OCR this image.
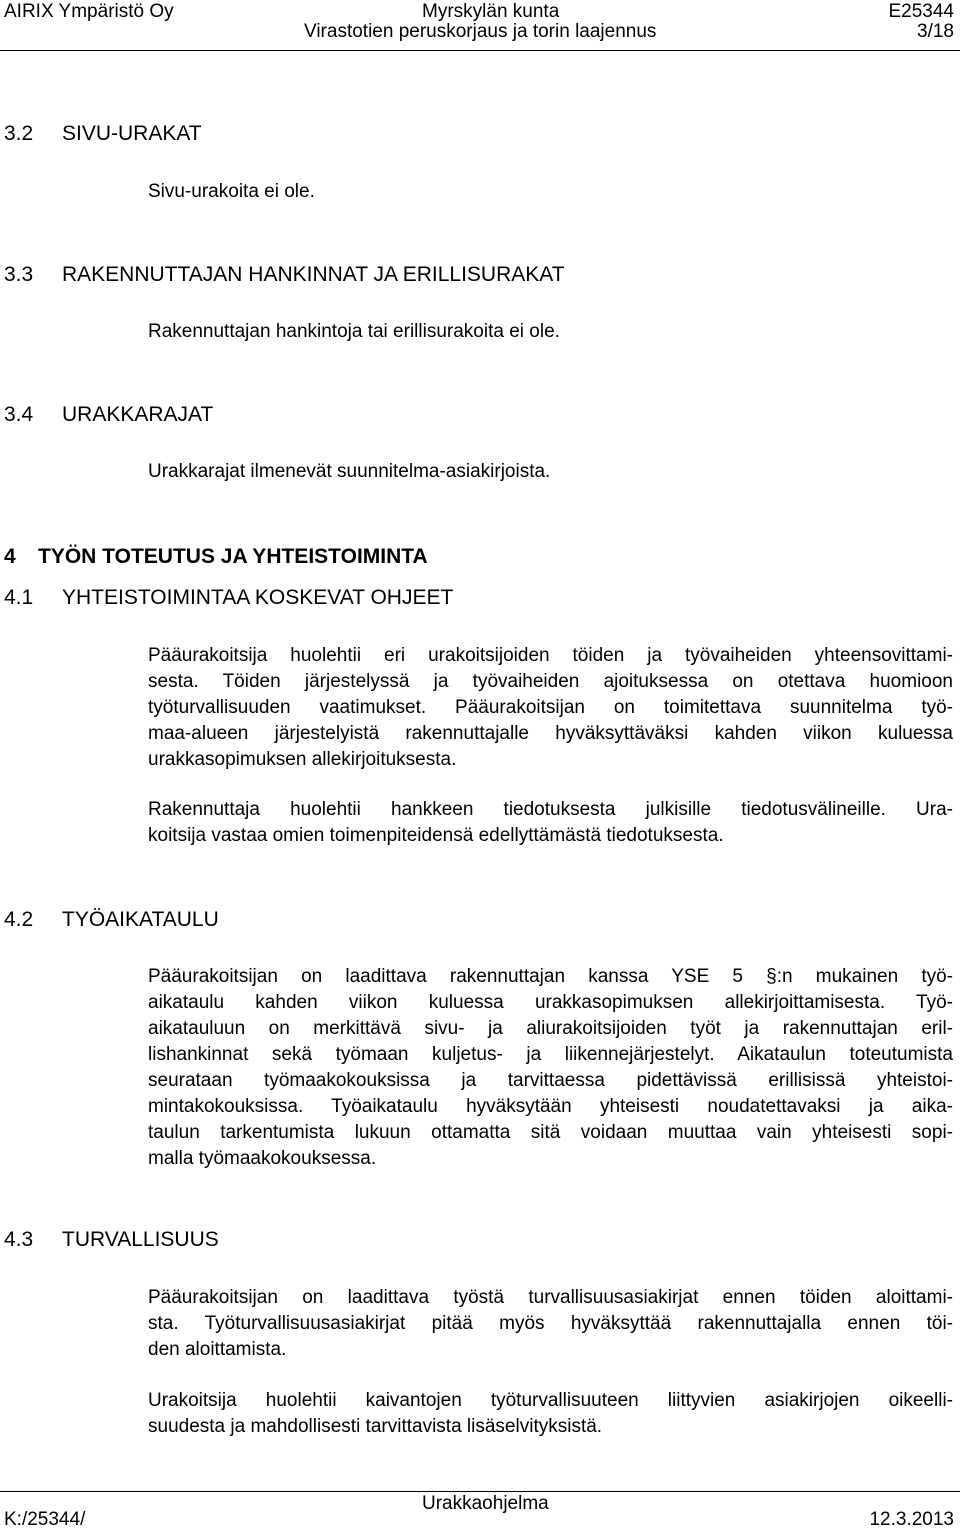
AIRIX Ympäristö Oy	Myrskylän kunta	E25344
Virastotien peruskorjaus ja torin laajennus	3/18
3.2 SIVU-URAKAT
Sivu-urakoita ei ole.
3.3 RAKENNUTTAJAN HANKINNAT JA ERILLISURAKAT
Rakennuttajan hankintoja tai erillisurakoita ei ole.
3.4 URAKKARAJAT
Urakkarajat ilmenevät suunnitelma-asiakirjoista.
4 TYÖN TOTEUTUS JA YHTEISTOIMINTA
4.1 YHTEISTOIMINTAA KOSKEVAT OHJEET
Pääurakoitsija huolehtii eri urakoitsijoiden töiden ja työvaiheiden yhteensovittami-
sesta. Töiden järjestelyssä ja työvaiheiden ajoituksessa on otettava huomioon
työturvallisuuden vaatimukset. Pääurakoitsijan on toimitettava suunnitelma työ-
maa-alueen järjestelyistä rakennuttajalle hyväksyttäväksi kahden viikon kuluessa
urakkasopimuksen allekirjoituksesta.
Rakennuttaja huolehtii hankkeen tiedotuksesta julkisille tiedotusvälineille. Ura-
koitsija vastaa omien toimenpiteidensä edellyttämästä tiedotuksesta.
4.2 TYÖAIKATAULU
Pääurakoitsijan on laadittava rakennuttajan kanssa YSE 5 §:n mukainen työ-
aikataulu kahden viikon kuluessa urakkasopimuksen allekirjoittamisesta. Työ-
aikatauluun on merkittävä sivu- ja aliurakoitsijoiden työt ja rakennuttajan eril-
lishankinnat sekä työmaan kuljetus- ja liikennejärjestelyt. Aikataulun toteutumista
seurataan työmaakokouksissa ja tarvittaessa pidettävissä erillisissä yhteistoi-
mintakokouksissa. Työaikataulu hyväksytään yhteisesti noudatettavaksi ja aika-
taulun tarkentumista lukuun ottamatta sitä voidaan muuttaa vain yhteisesti sopi-
malla työmaakokouksessa.
4.3 TURVALLISUUS
Pääurakoitsijan on laadittava työstä turvallisuusasiakirjat ennen töiden aloittami-
sta. Työturvallisuusasiakirjat pitää myös hyväksyttää rakennuttajalla ennen töi-
den aloittamista.
Urakoitsija huolehtii kaivantojen työturvallisuuteen liittyvien asiakirjojen oikeelli-
suudesta ja mahdollisesti tarvittavista lisäselvityksistä.
K:/25344/
Urakkaohjelma
12.3.2013
